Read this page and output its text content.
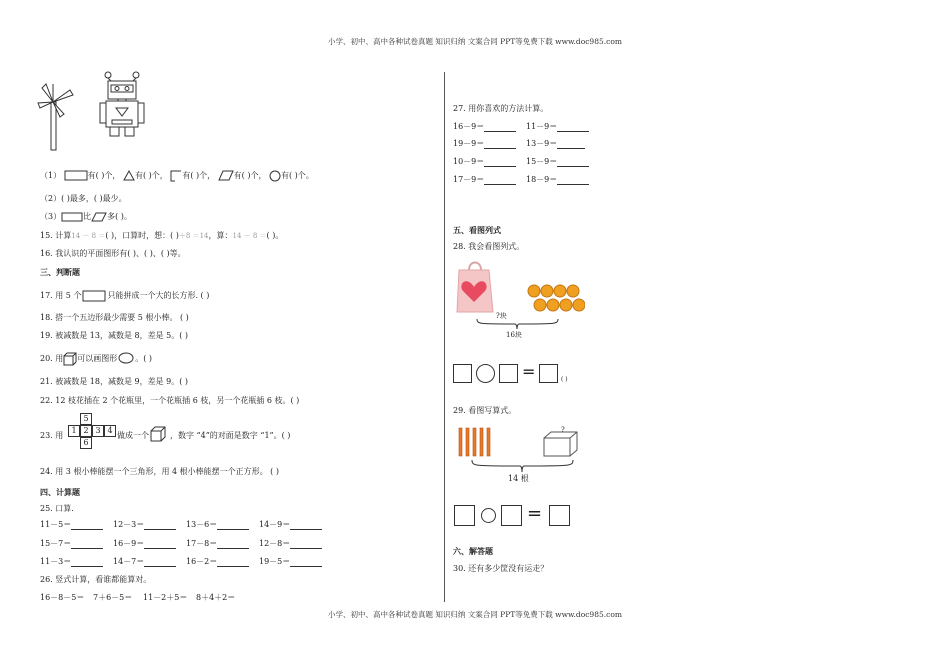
小学、初中、高中各种试卷真题 知识归纳 文案合同 PPT等免费下载 www.doc985.com
小学、初中、高中各种试卷真题 知识归纳 文案合同 PPT等免费下载 www.doc985.com
（1）	有( )个， 有( )个， 有( )个， 有( )个， 有( )个。
（2）( )最多，( )最少。
（3）	比 多( )。
15. 计算14 － 8 ＝( )，口算时，想：( )＋8 ＝14，算：14 － 8 ＝( )。
16. 我认识的平面图形有( )、( )、( )等。
三、判断题
17. 用 5 个	只能拼成一个大的长方形. ( )
18. 搭一个五边形最少需要 5 根小棒。 ( )
19. 被减数是 13，减数是 8，差是 5。( )
20. 用 可以画图形 。( )
21. 被减数是 18，减数是 9，差是 9。( )
22. 12 枝花插在 2 个花瓶里，一个花瓶插 6 枝，另一个花瓶插 6 枝。( )
23. 用
5
1 2 3 4
6
做成一个	，数字 “4”的对面是数字 “1”。( )
24. 用 3 根小棒能摆一个三角形，用 4 根小棒能摆一个正方形。 ( )
四、计算题
25. 口算.
11－5＝	12－3＝	13－6＝	14－9＝
15－7＝	16－9＝	17－8＝	12－8＝
11－3＝	14－7＝	16－2＝	19－5＝
26. 竖式计算，看谁都能算对。
16－8－5＝ 7＋6－5＝ 11－2＋5＝ 8＋4＋2＝
27. 用你喜欢的方法计算。
16－9＝	11－9＝
19－9＝	13－9＝
10－9＝	15－9＝
17－9＝	18－9＝
五、看图列式
28. 我会看图列式。
?块
16块
=	( )
29. 看图写算式。
?
14 根
=
六、解答题
30. 还有多少筐没有运走？
